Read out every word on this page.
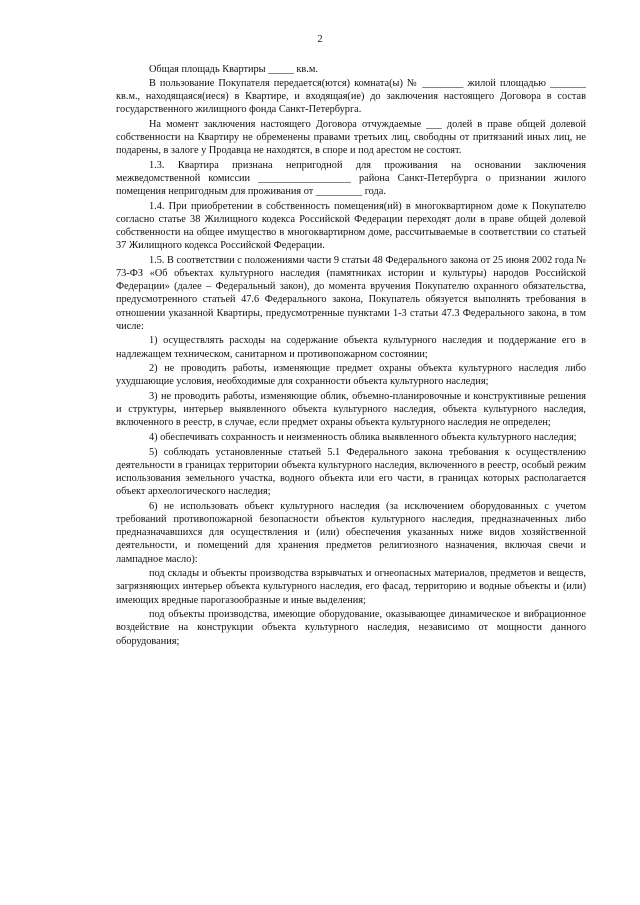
2

Общая площадь Квартиры _____ кв.м.

В пользование Покупателя передается(ются) комната(ы) № ________ жилой площадью _______ кв.м., находящаяся(иеся) в Квартире, и входящая(ие) до заключения настоящего Договора в состав государственного жилищного фонда Санкт-Петербурга.

На момент заключения настоящего Договора отчуждаемые ___ долей в праве общей долевой собственности на Квартиру не обременены правами третьих лиц, свободны от притязаний иных лиц, не подарены, в залоге у Продавца не находятся, в споре и под арестом не состоят.

1.3. Квартира признана непригодной для проживания на основании заключения межведомственной комиссии __________________ района Санкт-Петербурга о признании жилого помещения непригодным для проживания от _________ года.

1.4. При приобретении в собственность помещения(ий) в многоквартирном доме к Покупателю согласно статье 38 Жилищного кодекса Российской Федерации переходят доли в праве общей долевой собственности на общее имущество в многоквартирном доме, рассчитываемые в соответствии со статьей 37 Жилищного кодекса Российской Федерации.

1.5. В соответствии с положениями части 9 статьи 48 Федерального закона от 25 июня 2002 года № 73-ФЗ «Об объектах культурного наследия (памятниках истории и культуры) народов Российской Федерации» (далее – Федеральный закон), до момента вручения Покупателю охранного обязательства, предусмотренного статьей 47.6 Федерального закона, Покупатель обязуется выполнять требования в отношении указанной Квартиры, предусмотренные пунктами 1-3 статьи 47.3 Федерального закона, в том числе:

1) осуществлять расходы на содержание объекта культурного наследия и поддержание его в надлежащем техническом, санитарном и противопожарном состоянии;

2) не проводить работы, изменяющие предмет охраны объекта культурного наследия либо ухудшающие условия, необходимые для сохранности объекта культурного наследия;

3) не проводить работы, изменяющие облик, объемно-планировочные и конструктивные решения и структуры, интерьер выявленного объекта культурного наследия, объекта культурного наследия, включенного в реестр, в случае, если предмет охраны объекта культурного наследия не определен;

4) обеспечивать сохранность и неизменность облика выявленного объекта культурного наследия;

5) соблюдать установленные статьей 5.1 Федерального закона требования к осуществлению деятельности в границах территории объекта культурного наследия, включенного в реестр, особый режим использования земельного участка, водного объекта или его части, в границах которых располагается объект археологического наследия;

6) не использовать объект культурного наследия (за исключением оборудованных с учетом требований противопожарной безопасности объектов культурного наследия, предназначенных либо предназначавшихся для осуществления и (или) обеспечения указанных ниже видов хозяйственной деятельности, и помещений для хранения предметов религиозного назначения, включая свечи и лампадное масло):

под склады и объекты производства взрывчатых и огнеопасных материалов, предметов и веществ, загрязняющих интерьер объекта культурного наследия, его фасад, территорию и водные объекты и (или) имеющих вредные парогазообразные и иные выделения;

под объекты производства, имеющие оборудование, оказывающее динамическое и вибрационное воздействие на конструкции объекта культурного наследия, независимо от мощности данного оборудования;
